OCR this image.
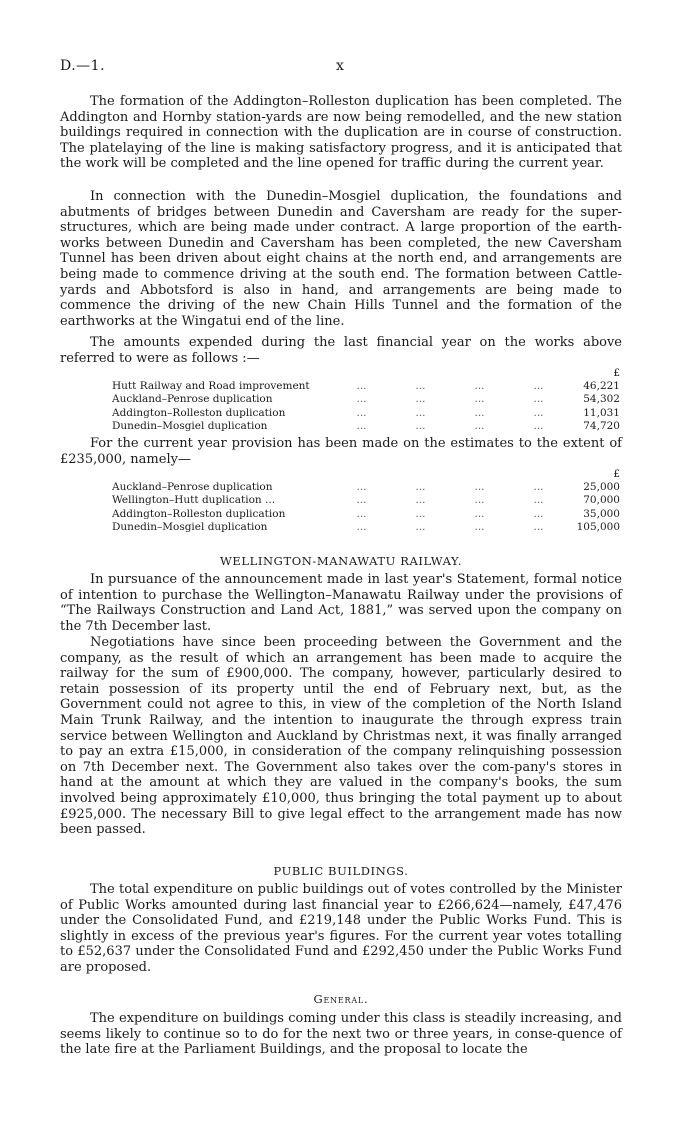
D.—1.	x

The formation of the Addington–Rolleston duplication has been completed. The Addington and Hornby station-yards are now being remodelled, and the new station buildings required in connection with the duplication are in course of construction. The platelaying of the line is making satisfactory progress, and it is anticipated that the work will be completed and the line opened for traffic during the current year.

In connection with the Dunedin–Mosgiel duplication, the foundations and abutments of bridges between Dunedin and Caversham are ready for the super-structures, which are being made under contract. A large proportion of the earth-works between Dunedin and Caversham has been completed, the new Caversham Tunnel has been driven about eight chains at the north end, and arrangements are being made to commence driving at the south end. The formation between Cattle-yards and Abbotsford is also in hand, and arrangements are being made to commence the driving of the new Chain Hills Tunnel and the formation of the earthworks at the Wingatui end of the line.

The amounts expended during the last financial year on the works above referred to were as follows :—

£
Hutt Railway and Road improvement	...	...	...	...	46,221
Auckland–Penrose duplication	...	...	...	...	54,302
Addington–Rolleston duplication	...	...	...	...	11,031
Dunedin–Mosgiel duplication	...	...	...	...	74,720

For the current year provision has been made on the estimates to the extent of £235,000, namely—

£
Auckland–Penrose duplication	...	...	...	...	25,000
Wellington–Hutt duplication ...	...	...	...	...	70,000
Addington–Rolleston duplication	...	...	...	...	35,000
Dunedin–Mosgiel duplication	...	...	...	...	105,000
WELLINGTON-MANAWATU RAILWAY.

In pursuance of the announcement made in last year's Statement, formal notice of intention to purchase the Wellington–Manawatu Railway under the provisions of “The Railways Construction and Land Act, 1881,” was served upon the company on the 7th December last.

Negotiations have since been proceeding between the Government and the company, as the result of which an arrangement has been made to acquire the railway for the sum of £900,000. The company, however, particularly desired to retain possession of its property until the end of February next, but, as the Government could not agree to this, in view of the completion of the North Island Main Trunk Railway, and the intention to inaugurate the through express train service between Wellington and Auckland by Christmas next, it was finally arranged to pay an extra £15,000, in consideration of the company relinquishing possession on 7th December next. The Government also takes over the com-pany's stores in hand at the amount at which they are valued in the company's books, the sum involved being approximately £10,000, thus bringing the total payment up to about £925,000. The necessary Bill to give legal effect to the arrangement made has now been passed.

PUBLIC BUILDINGS.

The total expenditure on public buildings out of votes controlled by the Minister of Public Works amounted during last financial year to £266,624—namely, £47,476 under the Consolidated Fund, and £219,148 under the Public Works Fund. This is slightly in excess of the previous year's figures. For the current year votes totalling to £52,637 under the Consolidated Fund and £292,450 under the Public Works Fund are proposed.

General.

The expenditure on buildings coming under this class is steadily increasing, and seems likely to continue so to do for the next two or three years, in conse-quence of the late fire at the Parliament Buildings, and the proposal to locate the
